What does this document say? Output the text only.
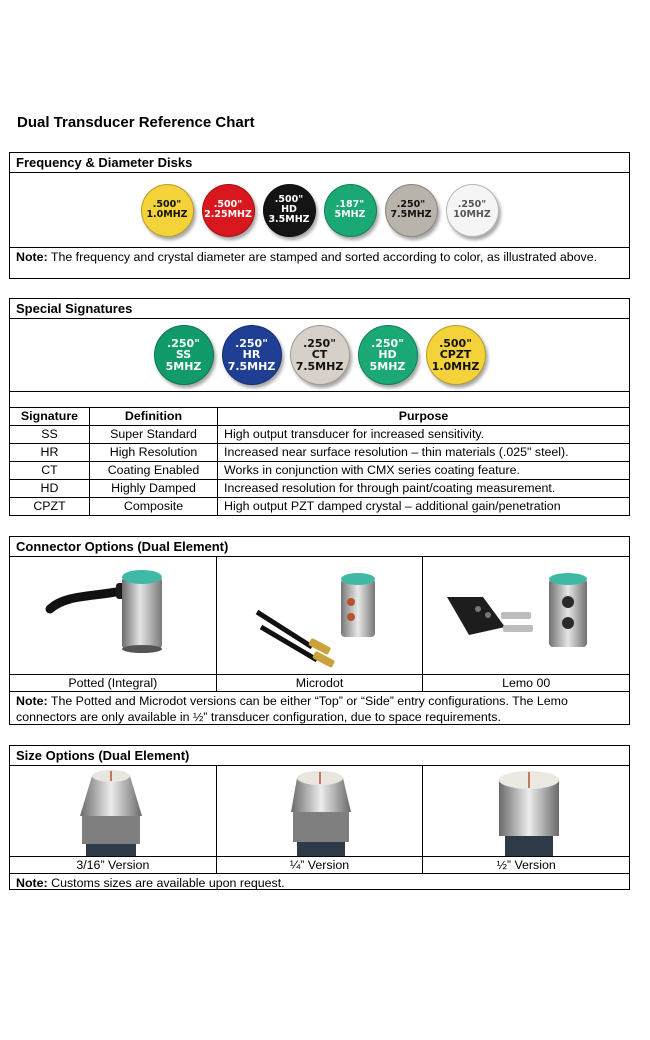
Dual Transducer Reference Chart
Frequency & Diameter Disks
.500"
1.0MHZ
.500"
2.25MHZ
.500"
HD
3.5MHZ
.187"
5MHZ
.250"
7.5MHZ
.250"
10MHZ
Note: The frequency and crystal diameter are stamped and sorted according to color, as illustrated above.
Special Signatures
.250"
SS
5MHZ
.250"
HR
7.5MHZ
.250"
CT
7.5MHZ
.250"
HD
5MHZ
.500"
CPZT
1.0MHZ
Signature	Definition	Purpose
SS	Super Standard	High output transducer for increased sensitivity.
HR	High Resolution	Increased near surface resolution – thin materials (.025" steel).
CT	Coating Enabled	Works in conjunction with CMX series coating feature.
HD	Highly Damped	Increased resolution for through paint/coating measurement.
CPZT	Composite	High output PZT damped crystal – additional gain/penetration
Connector Options (Dual Element)
Potted (Integral)	Microdot	Lemo 00
Note: The Potted and Microdot versions can be either “Top” or “Side” entry configurations. The Lemo connectors are only available in ½” transducer configuration, due to space requirements.
Size Options (Dual Element)
3/16” Version	¼” Version	½” Version
Note: Customs sizes are available upon request.
